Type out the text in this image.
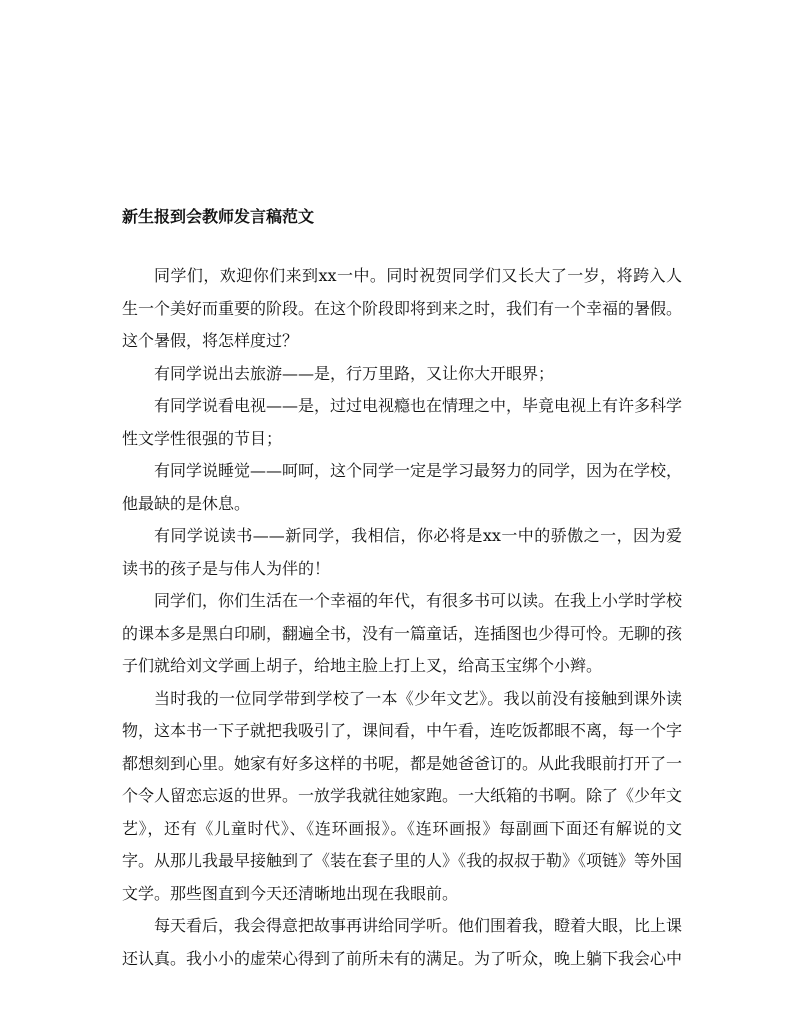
新生报到会教师发言稿范文

同学们，欢迎你们来到xx一中。同时祝贺同学们又长大了一岁，将跨入人生一个美好而重要的阶段。在这个阶段即将到来之时，我们有一个幸福的暑假。这个暑假，将怎样度过？

有同学说出去旅游——是，行万里路，又让你大开眼界；

有同学说看电视——是，过过电视瘾也在情理之中，毕竟电视上有许多科学性文学性很强的节目；

有同学说睡觉——呵呵，这个同学一定是学习最努力的同学，因为在学校，他最缺的是休息。

有同学说读书——新同学，我相信，你必将是xx一中的骄傲之一，因为爱读书的孩子是与伟人为伴的！

同学们，你们生活在一个幸福的年代，有很多书可以读。在我上小学时学校的课本多是黑白印刷，翻遍全书，没有一篇童话，连插图也少得可怜。无聊的孩子们就给刘文学画上胡子，给地主脸上打上叉，给高玉宝绑个小辫。

当时我的一位同学带到学校了一本《少年文艺》。我以前没有接触到课外读物，这本书一下子就把我吸引了，课间看，中午看，连吃饭都眼不离，每一个字都想刻到心里。她家有好多这样的书呢，都是她爸爸订的。从此我眼前打开了一个令人留恋忘返的世界。一放学我就往她家跑。一大纸箱的书啊。除了《少年文艺》，还有《儿童时代》、《连环画报》。《连环画报》每副画下面还有解说的文字。从那儿我最早接触到了《装在套子里的人》《我的叔叔于勒》《项链》等外国文学。那些图直到今天还清晰地出现在我眼前。

每天看后，我会得意把故事再讲给同学听。他们围着我，瞪着大眼，比上课还认真。我小小的虚荣心得到了前所未有的满足。为了听众，晚上躺下我会心中
